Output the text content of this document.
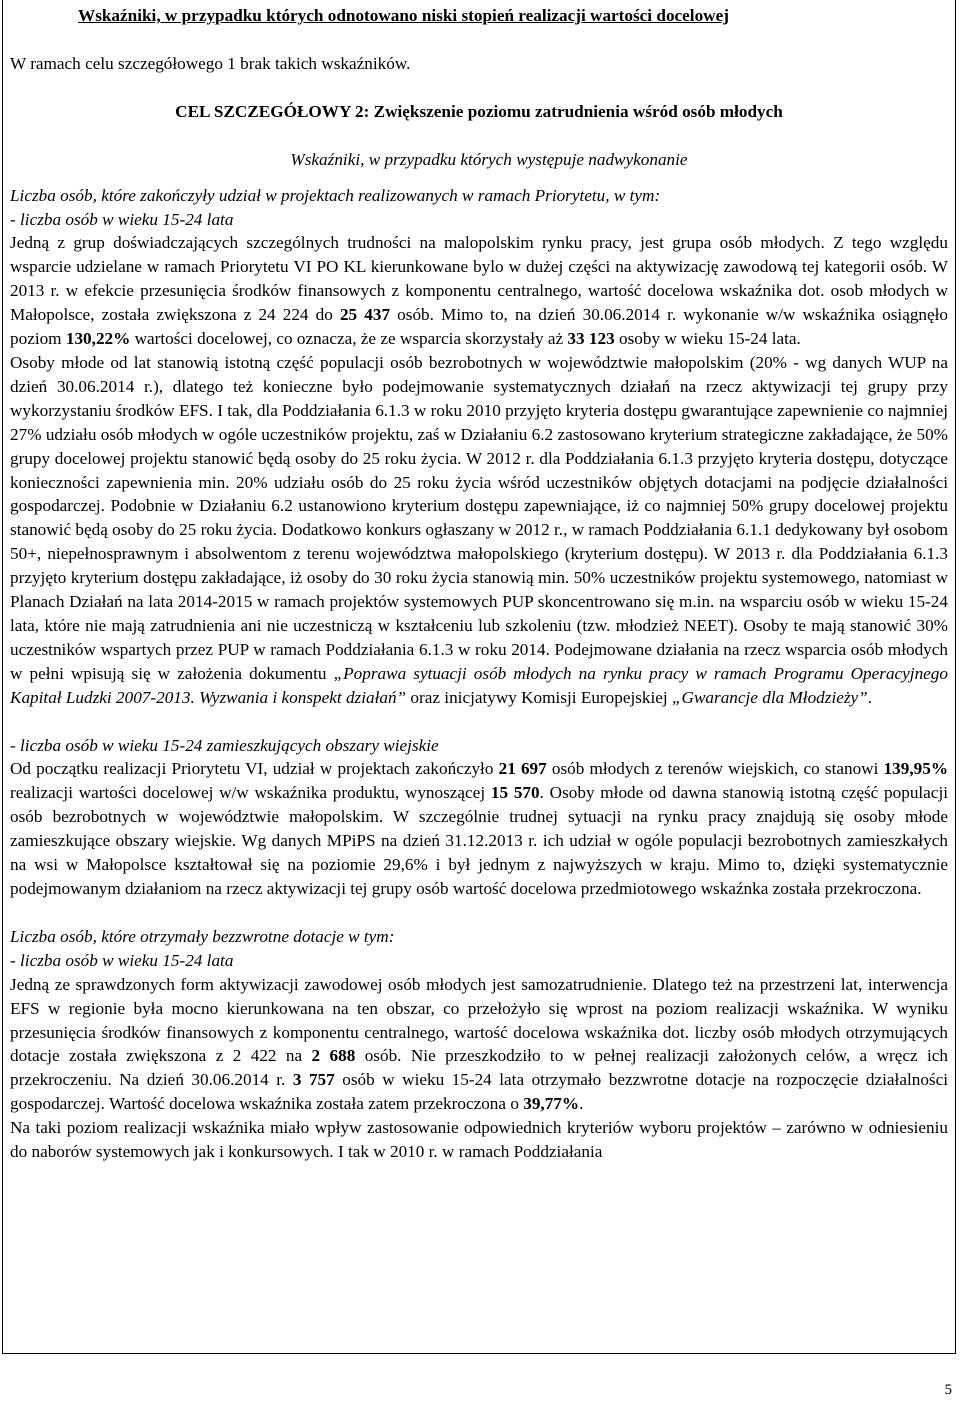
Wskaźniki, w przypadku których odnotowano niski stopień realizacji wartości docelowej

W ramach celu szczegółowego 1 brak takich wskaźników.

CEL SZCZEGÓŁOWY 2: Zwiększenie poziomu zatrudnienia wśród osób młodych

Wskaźniki, w przypadku których występuje nadwykonanie

Liczba osób, które zakończyły udział w projektach realizowanych w ramach Priorytetu, w tym:

- liczba osób w wieku 15-24 lata

Jedną z grup doświadczających szczególnych trudności na malopolskim rynku pracy, jest grupa osób młodych. Z tego względu wsparcie udzielane w ramach Priorytetu VI PO KL kierunkowane bylo w dużej części na aktywizację zawodową tej kategorii osób. W 2013 r. w efekcie przesunięcia środków finansowych z komponentu centralnego, wartość docelowa wskaźnika dot. osob młodych w Małopolsce, została zwiększona z 24 224 do 25 437 osób. Mimo to, na dzień 30.06.2014 r. wykonanie w/w wskaźnika osiągnęło poziom 130,22% wartości docelowej, co oznacza, że ze wsparcia skorzystały aż 33 123 osoby w wieku 15-24 lata.

Osoby młode od lat stanowią istotną część populacji osób bezrobotnych w województwie małopolskim (20% - wg danych WUP na dzień 30.06.2014 r.), dlatego też konieczne było podejmowanie systematycznych działań na rzecz aktywizacji tej grupy przy wykorzystaniu środków EFS. I tak, dla Poddziałania 6.1.3 w roku 2010 przyjęto kryteria dostępu gwarantujące zapewnienie co najmniej 27% udziału osób młodych w ogóle uczestników projektu, zaś w Działaniu 6.2 zastosowano kryterium strategiczne zakładające, że 50% grupy docelowej projektu stanowić będą osoby do 25 roku życia. W 2012 r. dla Poddziałania 6.1.3 przyjęto kryteria dostępu, dotyczące konieczności zapewnienia min. 20% udziału osób do 25 roku życia wśród uczestników objętych dotacjami na podjęcie działalności gospodarczej. Podobnie w Działaniu 6.2 ustanowiono kryterium dostępu zapewniające, iż co najmniej 50% grupy docelowej projektu stanowić będą osoby do 25 roku życia. Dodatkowo konkurs ogłaszany w 2012 r., w ramach Poddziałania 6.1.1 dedykowany był osobom 50+, niepełnosprawnym i absolwentom z terenu województwa małopolskiego (kryterium dostępu). W 2013 r. dla Poddziałania 6.1.3 przyjęto kryterium dostępu zakładające, iż osoby do 30 roku życia stanowią min. 50% uczestników projektu systemowego, natomiast w Planach Działań na lata 2014-2015 w ramach projektów systemowych PUP skoncentrowano się m.in. na wsparciu osób w wieku 15-24 lata, które nie mają zatrudnienia ani nie uczestniczą w kształceniu lub szkoleniu (tzw. młodzież NEET). Osoby te mają stanowić 30% uczestników wspartych przez PUP w ramach Poddziałania 6.1.3 w roku 2014. Podejmowane działania na rzecz wsparcia osób młodych w pełni wpisują się w założenia dokumentu „Poprawa sytuacji osób młodych na rynku pracy w ramach Programu Operacyjnego Kapitał Ludzki 2007-2013. Wyzwania i konspekt działań” oraz inicjatywy Komisji Europejskiej „Gwarancje dla Młodzieży”.

- liczba osób w wieku 15-24 zamieszkujących obszary wiejskie

Od początku realizacji Priorytetu VI, udział w projektach zakończyło 21 697 osób młodych z terenów wiejskich, co stanowi 139,95% realizacji wartości docelowej w/w wskaźnika produktu, wynoszącej 15 570. Osoby młode od dawna stanowią istotną część populacji osób bezrobotnych w województwie małopolskim. W szczególnie trudnej sytuacji na rynku pracy znajdują się osoby młode zamieszkujące obszary wiejskie. Wg danych MPiPS na dzień 31.12.2013 r. ich udział w ogóle populacji bezrobotnych zamieszkałych na wsi w Małopolsce kształtował się na poziomie 29,6% i był jednym z najwyższych w kraju. Mimo to, dzięki systematycznie podejmowanym działaniom na rzecz aktywizacji tej grupy osób wartość docelowa przedmiotowego wskaźnka została przekroczona.

Liczba osób, które otrzymały bezzwrotne dotacje w tym:

- liczba osób w wieku 15-24 lata

Jedną ze sprawdzonych form aktywizacji zawodowej osób młodych jest samozatrudnienie. Dlatego też na przestrzeni lat, interwencja EFS w regionie była mocno kierunkowana na ten obszar, co przełożyło się wprost na poziom realizacji wskaźnika. W wyniku przesunięcia środków finansowych z komponentu centralnego, wartość docelowa wskaźnika dot. liczby osób młodych otrzymujących dotacje została zwiększona z 2 422 na 2 688 osób. Nie przeszkodziło to w pełnej realizacji założonych celów, a wręcz ich przekroczeniu. Na dzień 30.06.2014 r. 3 757 osób w wieku 15-24 lata otrzymało bezzwrotne dotacje na rozpoczęcie działalności gospodarczej. Wartość docelowa wskaźnika została zatem przekroczona o 39,77%.

Na taki poziom realizacji wskaźnika miało wpływ zastosowanie odpowiednich kryteriów wyboru projektów – zarówno w odniesieniu do naborów systemowych jak i konkursowych. I tak w 2010 r. w ramach Poddziałania

5
